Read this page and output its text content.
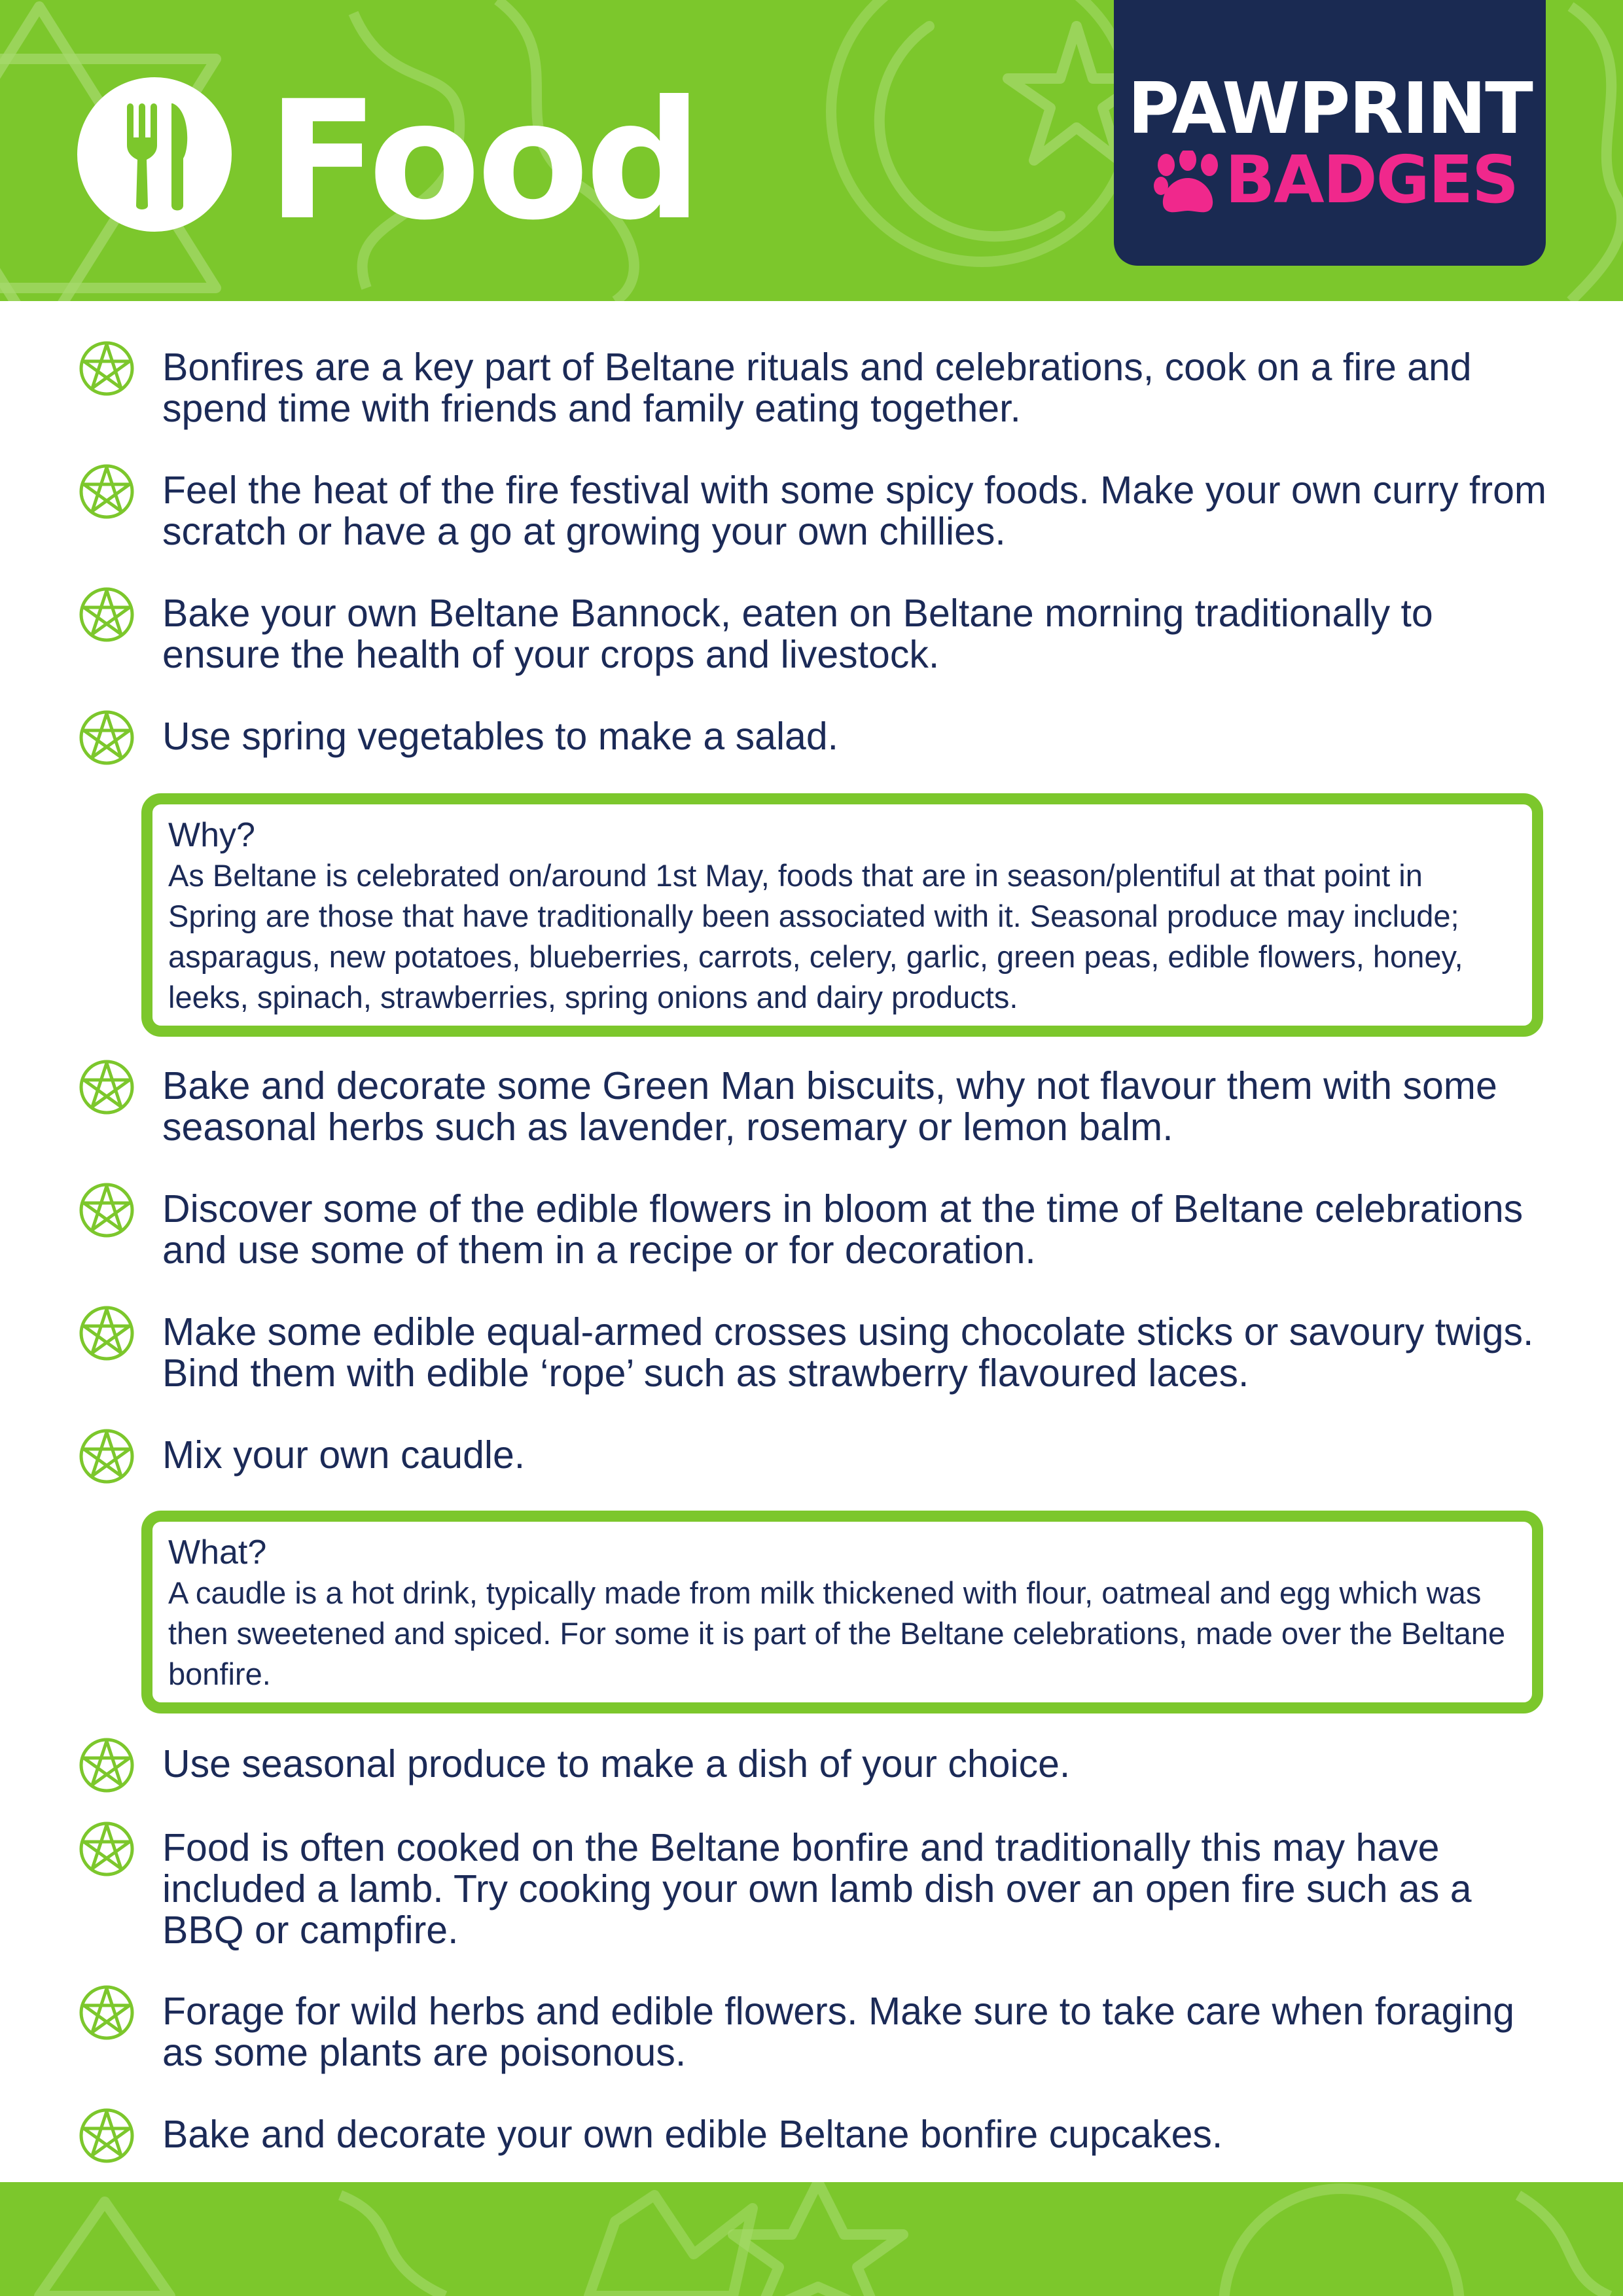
Food	PAWPRINT
BADGES
Bonfires are a key part of Beltane rituals and celebrations, cook on a fire and spend time with friends and family eating together.
Feel the heat of the fire festival with some spicy foods. Make your own curry from scratch or have a go at growing your own chillies.
Bake your own Beltane Bannock, eaten on Beltane morning traditionally to ensure the health of your crops and livestock.
Use spring vegetables to make a salad.
Why?
As Beltane is celebrated on/around 1st May, foods that are in season/plentiful at that point in Spring are those that have traditionally been associated with it. Seasonal produce may include; asparagus, new potatoes, blueberries, carrots, celery, garlic, green peas, edible flowers, honey, leeks, spinach, strawberries, spring onions and dairy products.
Bake and decorate some Green Man biscuits, why not flavour them with some seasonal herbs such as lavender, rosemary or lemon balm.
Discover some of the edible flowers in bloom at the time of Beltane celebrations and use some of them in a recipe or for decoration.
Make some edible equal-armed crosses using chocolate sticks or savoury twigs. Bind them with edible ‘rope’ such as strawberry flavoured laces.
Mix your own caudle.
What?
A caudle is a hot drink, typically made from milk thickened with flour, oatmeal and egg which was then sweetened and spiced. For some it is part of the Beltane celebrations, made over the Beltane bonfire.
Use seasonal produce to make a dish of your choice.
Food is often cooked on the Beltane bonfire and traditionally this may have included a lamb. Try cooking your own lamb dish over an open fire such as a BBQ or campfire.
Forage for wild herbs and edible flowers. Make sure to take care when foraging as some plants are poisonous.
Bake and decorate your own edible Beltane bonfire cupcakes.
